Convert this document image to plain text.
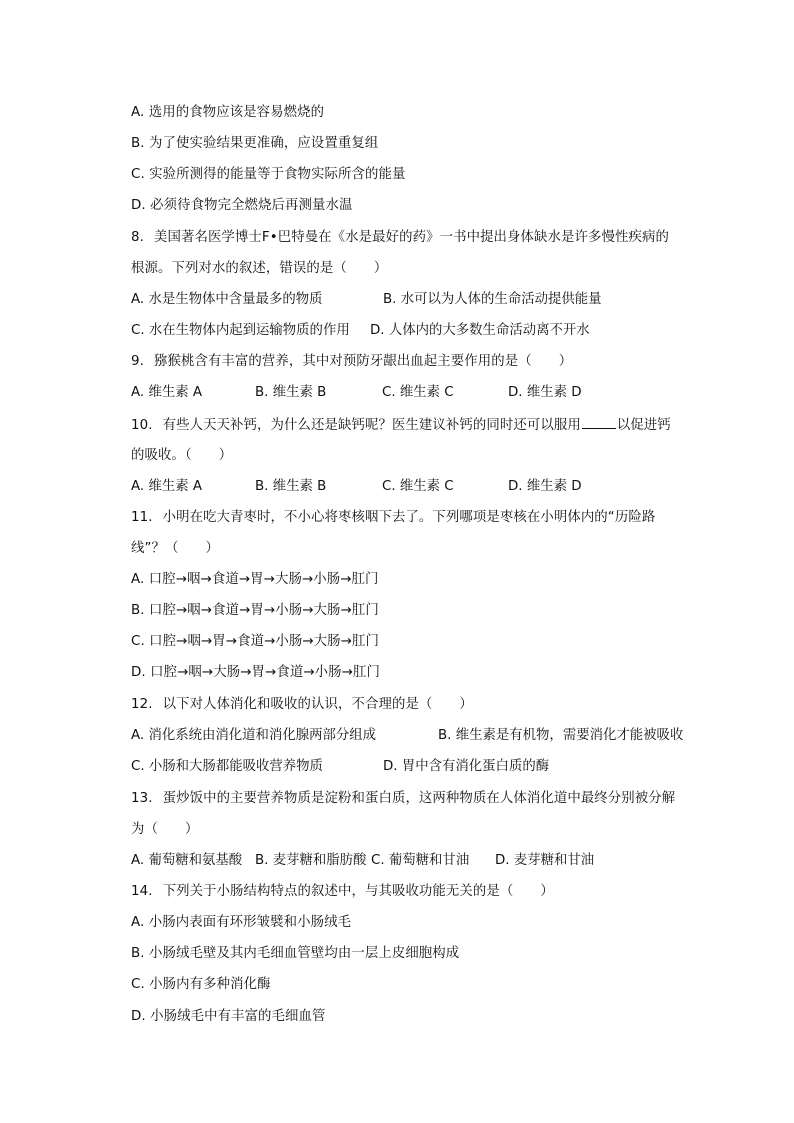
A. 选用的食物应该是容易燃烧的
B. 为了使实验结果更准确，应设置重复组
C. 实验所测得的能量等于食物实际所含的能量
D. 必须待食物完全燃烧后再测量水温
8. 美国著名医学博士F•巴特曼在《水是最好的药》一书中提出身体缺水是许多慢性疾病的
根源。下列对水的叙述，错误的是（　　）
A. 水是生物体中含量最多的物质	B. 水可以为人体的生命活动提供能量
C. 水在生物体内起到运输物质的作用 D. 人体内的大多数生命活动离不开水
9. 猕猴桃含有丰富的营养，其中对预防牙龈出血起主要作用的是（　　）
A. 维生素 A	B. 维生素 B	C. 维生素 C	D. 维生素 D
10. 有些人天天补钙，为什么还是缺钙呢？医生建议补钙的同时还可以服用	以促进钙
的吸收。（　　）
A. 维生素 A	B. 维生素 B	C. 维生素 C	D. 维生素 D
11. 小明在吃大青枣时，不小心将枣核咽下去了。下列哪项是枣核在小明体内的“历险路
线”？（　　）
A. 口腔→咽→食道→胃→大肠→小肠→肛门
B. 口腔→咽→食道→胃→小肠→大肠→肛门
C. 口腔→咽→胃→食道→小肠→大肠→肛门
D. 口腔→咽→大肠→胃→食道→小肠→肛门
12. 以下对人体消化和吸收的认识，不合理的是（　　）
A. 消化系统由消化道和消化腺两部分组成	B. 维生素是有机物，需要消化才能被吸收
C. 小肠和大肠都能吸收营养物质	D. 胃中含有消化蛋白质的酶
13. 蛋炒饭中的主要营养物质是淀粉和蛋白质，这两种物质在人体消化道中最终分别被分解
为（　　）
A. 葡萄糖和氨基酸 B. 麦芽糖和脂肪酸 C. 葡萄糖和甘油 D. 麦芽糖和甘油
14. 下列关于小肠结构特点的叙述中，与其吸收功能无关的是（　　）
A. 小肠内表面有环形皱襞和小肠绒毛
B. 小肠绒毛壁及其内毛细血管壁均由一层上皮细胞构成
C. 小肠内有多种消化酶
D. 小肠绒毛中有丰富的毛细血管
